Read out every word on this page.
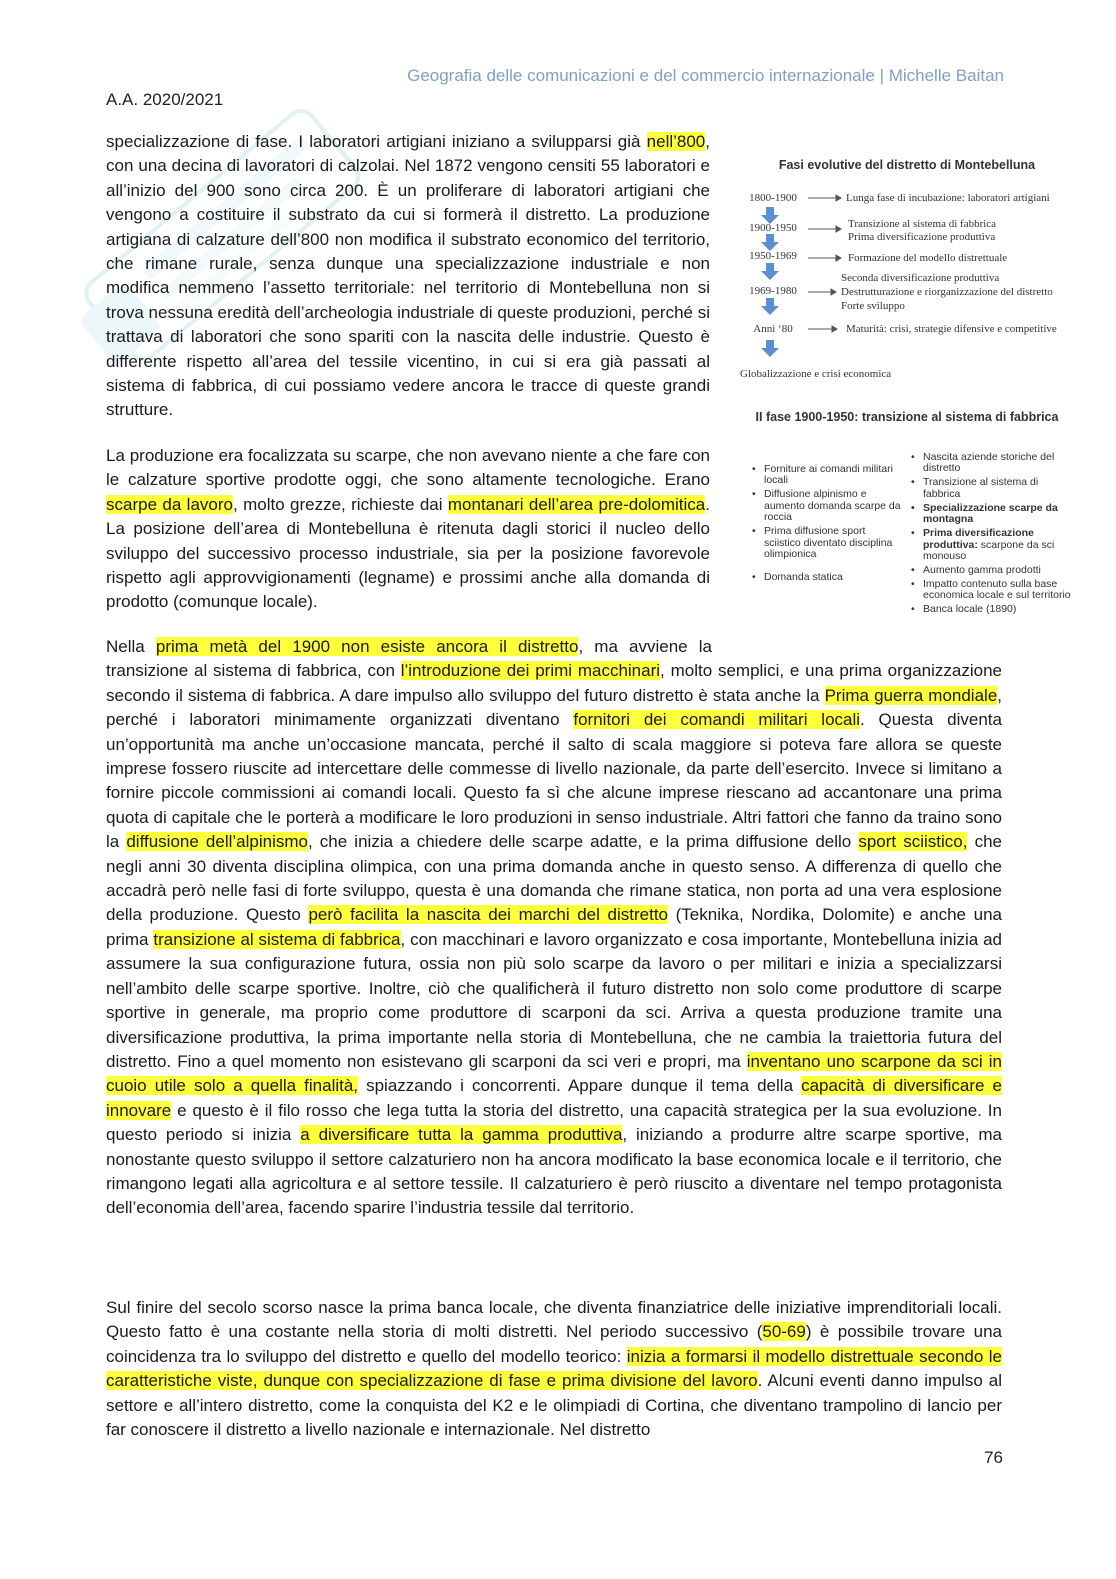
Geografia delle comunicazioni e del commercio internazionale | Michelle Baitan
A.A. 2020/2021

specializzazione di fase. I laboratori artigiani iniziano a svilupparsi già nell’800, con una decina di lavoratori di calzolai. Nel 1872 vengono censiti 55 laboratori e all’inizio del 900 sono circa 200. È un proliferare di laboratori artigiani che vengono a costituire il substrato da cui si formerà il distretto. La produzione artigiana di calzature dell’800 non modifica il substrato economico del territorio, che rimane rurale, senza dunque una specializzazione industriale e non modifica nemmeno l’assetto territoriale: nel territorio di Montebelluna non si trova nessuna eredità dell’archeologia industriale di queste produzioni, perché si trattava di laboratori che sono spariti con la nascita delle industrie. Questo è differente rispetto all’area del tessile vicentino, in cui si era già passati al sistema di fabbrica, di cui possiamo vedere ancora le tracce di queste grandi strutture.

La produzione era focalizzata su scarpe, che non avevano niente a che fare con le calzature sportive prodotte oggi, che sono altamente tecnologiche. Erano scarpe da lavoro, molto grezze, richieste dai montanari dell’area pre-dolomitica. La posizione dell’area di Montebelluna è ritenuta dagli storici il nucleo dello sviluppo del successivo processo industriale, sia per la posizione favorevole rispetto agli approvvigionamenti (legname) e prossimi anche alla domanda di prodotto (comunque locale).

Nella prima metà del 1900 non esiste ancora il distretto, ma avviene la transizione al sistema di fabbrica, con l’introduzione dei primi macchinari, molto semplici, e una prima organizzazione secondo il sistema di fabbrica. A dare impulso allo sviluppo del futuro distretto è stata anche la Prima guerra mondiale, perché i laboratori minimamente organizzati diventano fornitori dei comandi militari locali. Questa diventa un’opportunità ma anche un’occasione mancata, perché il salto di scala maggiore si poteva fare allora se queste imprese fossero riuscite ad intercettare delle commesse di livello nazionale, da parte dell’esercito. Invece si limitano a fornire piccole commissioni ai comandi locali. Questo fa sì che alcune imprese riescano ad accantonare una prima quota di capitale che le porterà a modificare le loro produzioni in senso industriale. Altri fattori che fanno da traino sono la diffusione dell’alpinismo, che inizia a chiedere delle scarpe adatte, e la prima diffusione dello sport sciistico, che negli anni 30 diventa disciplina olimpica, con una prima domanda anche in questo senso. A differenza di quello che accadrà però nelle fasi di forte sviluppo, questa è una domanda che rimane statica, non porta ad una vera esplosione della produzione. Questo però facilita la nascita dei marchi del distretto (Teknika, Nordika, Dolomite) e anche una prima transizione al sistema di fabbrica, con macchinari e lavoro organizzato e cosa importante, Montebelluna inizia ad assumere la sua configurazione futura, ossia non più solo scarpe da lavoro o per militari e inizia a specializzarsi nell’ambito delle scarpe sportive. Inoltre, ciò che qualificherà il futuro distretto non solo come produttore di scarpe sportive in generale, ma proprio come produttore di scarponi da sci. Arriva a questa produzione tramite una diversificazione produttiva, la prima importante nella storia di Montebelluna, che ne cambia la traiettoria futura del distretto. Fino a quel momento non esistevano gli scarponi da sci veri e propri, ma inventano uno scarpone da sci in cuoio utile solo a quella finalità, spiazzando i concorrenti. Appare dunque il tema della capacità di diversificare e innovare e questo è il filo rosso che lega tutta la storia del distretto, una capacità strategica per la sua evoluzione. In questo periodo si inizia a diversificare tutta la gamma produttiva, iniziando a produrre altre scarpe sportive, ma nonostante questo sviluppo il settore calzaturiero non ha ancora modificato la base economica locale e il territorio, che rimangono legati alla agricoltura e al settore tessile. Il calzaturiero è però riuscito a diventare nel tempo protagonista dell’economia dell’area, facendo sparire l’industria tessile dal territorio.

Sul finire del secolo scorso nasce la prima banca locale, che diventa finanziatrice delle iniziative imprenditoriali locali. Questo fatto è una costante nella storia di molti distretti. Nel periodo successivo (50-69) è possibile trovare una coincidenza tra lo sviluppo del distretto e quello del modello teorico: inizia a formarsi il modello distrettuale secondo le caratteristiche viste, dunque con specializzazione di fase e prima divisione del lavoro. Alcuni eventi danno impulso al settore e all’intero distretto, come la conquista del K2 e le olimpiadi di Cortina, che diventano trampolino di lancio per far conoscere il distretto a livello nazionale e internazionale. Nel distretto

76
Fasi evolutive del distretto di Montebelluna
1800-1900
1900-1950
1950-1969
1969-1980
Anni ‘80
Lunga fase di incubazione: laboratori artigiani
Transizione al sistema di fabbrica
Prima diversificazione produttiva
Formazione del modello distrettuale
Seconda diversificazione produttiva
Destrutturazione e riorganizzazione del distretto
Forte sviluppo
Maturità: crisi, strategie difensive e competitive
Globalizzazione e crisi economica
II fase 1900-1950: transizione al sistema di fabbrica
• Forniture ai comandi militari locali
• Diffusione alpinismo e aumento domanda scarpe da roccia
• Prima diffusione sport sciistico diventato disciplina olimpionica
• Domanda statica
• Nascita aziende storiche del distretto
• Transizione al sistema di fabbrica
• Specializzazione scarpe da montagna
• Prima diversificazione produttiva: scarpone da sci monouso
• Aumento gamma prodotti
• Impatto contenuto sulla base economica locale e sul territorio
• Banca locale (1890)
